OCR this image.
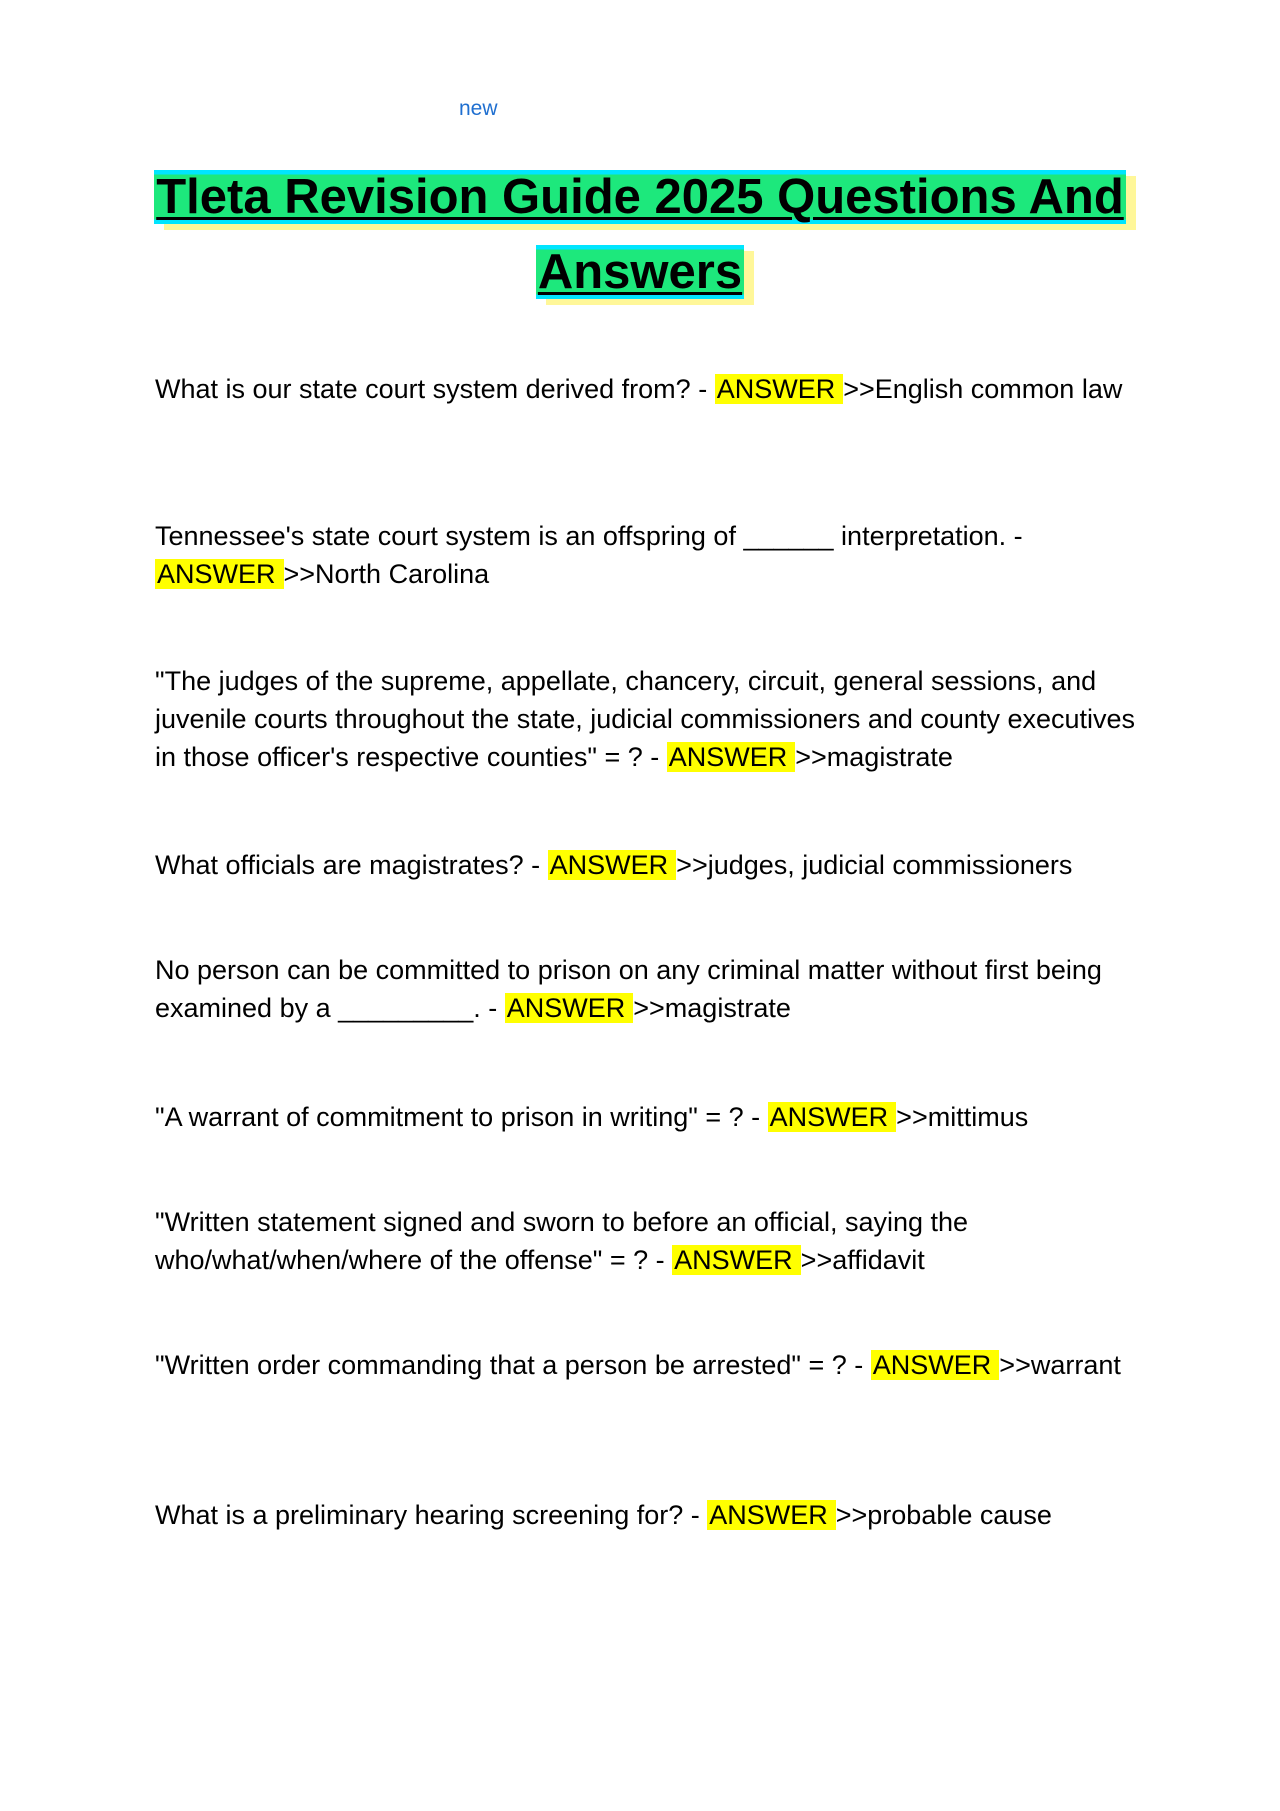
new
Tleta Revision Guide 2025 Questions And Answers
What is our state court system derived from? - ANSWER >>English common law
Tennessee's state court system is an offspring of ______ interpretation. - ANSWER >>North Carolina
"The judges of the supreme, appellate, chancery, circuit, general sessions, and juvenile courts throughout the state, judicial commissioners and county executives in those officer's respective counties" = ? - ANSWER >>magistrate
What officials are magistrates? - ANSWER >>judges, judicial commissioners
No person can be committed to prison on any criminal matter without first being examined by a _________. - ANSWER >>magistrate
"A warrant of commitment to prison in writing" = ? - ANSWER >>mittimus
"Written statement signed and sworn to before an official, saying the who/what/when/where of the offense" = ? - ANSWER >>affidavit
"Written order commanding that a person be arrested" = ? - ANSWER >>warrant
What is a preliminary hearing screening for? - ANSWER >>probable cause
